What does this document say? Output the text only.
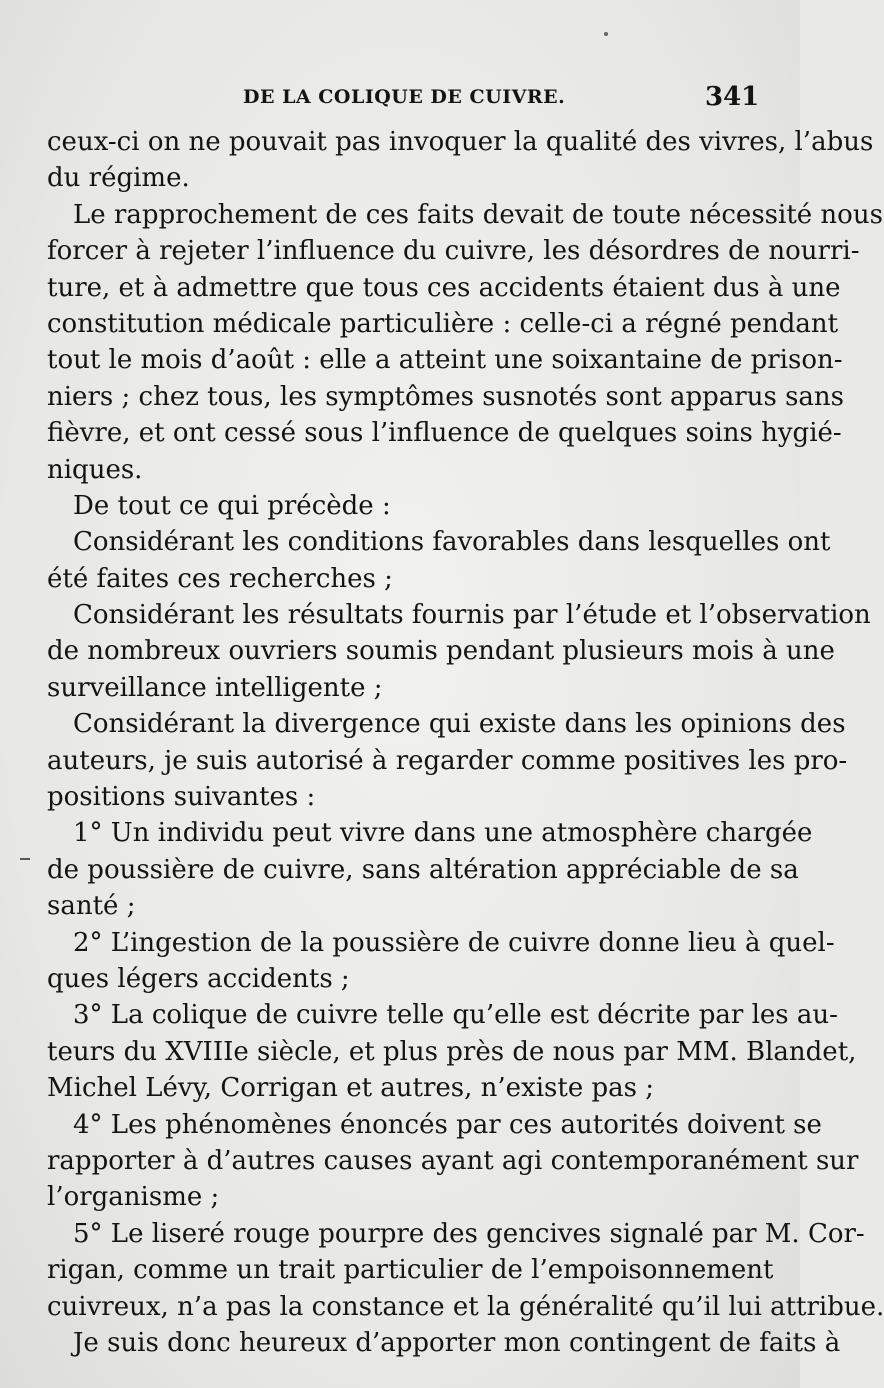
DE LA COLIQUE DE CUIVRE.	341
ceux-ci on ne pouvait pas invoquer la qualité des vivres, l’abus
du régime.
Le rapprochement de ces faits devait de toute nécessité nous
forcer à rejeter l’influence du cuivre, les désordres de nourri-
ture, et à admettre que tous ces accidents étaient dus à une
constitution médicale particulière : celle-ci a régné pendant
tout le mois d’août : elle a atteint une soixantaine de prison-
niers ; chez tous, les symptômes susnotés sont apparus sans
fièvre, et ont cessé sous l’influence de quelques soins hygié-
niques.
De tout ce qui précède :
Considérant les conditions favorables dans lesquelles ont
été faites ces recherches ;
Considérant les résultats fournis par l’étude et l’observation
de nombreux ouvriers soumis pendant plusieurs mois à une
surveillance intelligente ;
Considérant la divergence qui existe dans les opinions des
auteurs, je suis autorisé à regarder comme positives les pro-
positions suivantes :
1° Un individu peut vivre dans une atmosphère chargée
de poussière de cuivre, sans altération appréciable de sa
santé ;
2° L’ingestion de la poussière de cuivre donne lieu à quel-
ques légers accidents ;
3° La colique de cuivre telle qu’elle est décrite par les au-
teurs du XVIIIe siècle, et plus près de nous par MM. Blandet,
Michel Lévy, Corrigan et autres, n’existe pas ;
4° Les phénomènes énoncés par ces autorités doivent se
rapporter à d’autres causes ayant agi contemporanément sur
l’organisme ;
5° Le liseré rouge pourpre des gencives signalé par M. Cor-
rigan, comme un trait particulier de l’empoisonnement
cuivreux, n’a pas la constance et la généralité qu’il lui attribue.
Je suis donc heureux d’apporter mon contingent de faits à
